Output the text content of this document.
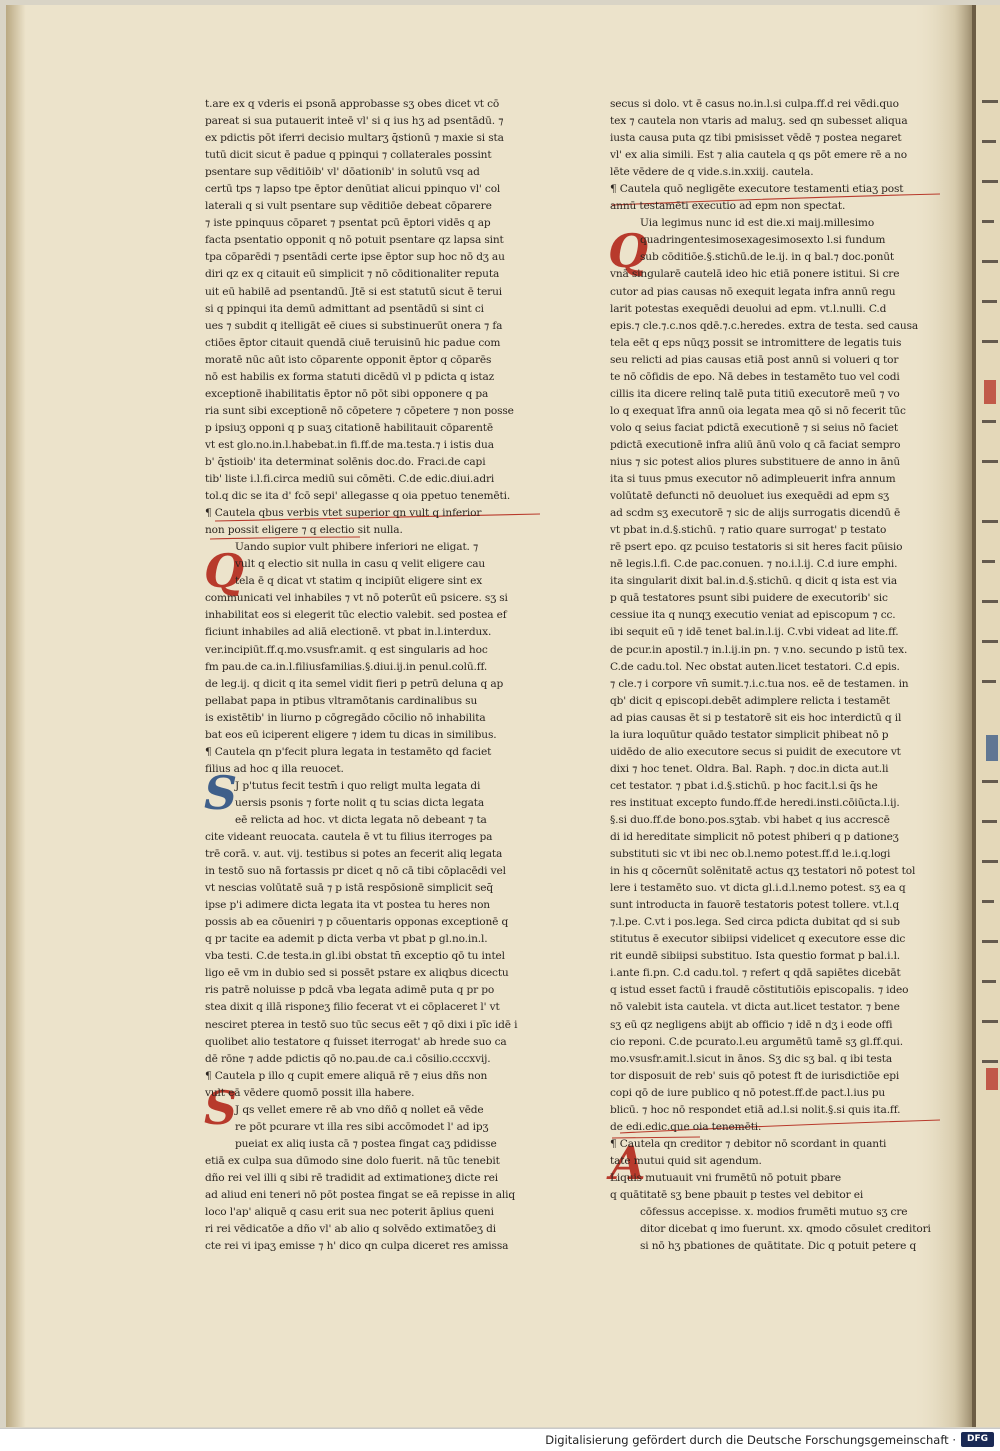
Q
Q
S
S
A
t.are ex q vderis ei psonā approbasse sʒ obes dicet vt cō
pareat si sua putauerit inteē vl' si q ius hʒ ad psentādū. ⁊
ex pdictis pōt iferri decisio multarʒ q̄stionū ⁊ maxie si sta
tutū dicit sicut ē padue q ppinqui ⁊ collaterales possint
psentare sup vēditiōib' vl' dōationib' in solutū vsq ad
certū tps ⁊ lapso tpe ēptor denūtiat alicui ppinquo vl' col
laterali q si vult psentare sup vēditiōe debeat cōparere
⁊ iste ppinquus cōparet ⁊ psentat pcū ēptori vidēs q ap
facta psentatio opponit q nō potuit psentare qz lapsa sint
tpa cōparēdi ⁊ psentādi certe ipse ēptor sup hoc nō dʒ au
diri qz ex q citauit eū simplicit ⁊ nō cōditionaliter reputa
uit eū habilē ad psentandū. Jtē si est statutū sicut ē terui
si q ppinqui ita demū admittant ad psentādū si sint ci
ues ⁊ subdit q itelligāt eē ciues si substinuerūt onera ⁊ fa
ctiōes ēptor citauit quendā ciuē teruisinū hic padue com
moratē nūc aūt isto cōparente opponit ēptor q cōparēs
nō est habilis ex forma statuti dicēdū vl p pdicta q istaz
exceptionē ihabilitatis ēptor nō pōt sibi opponere q pa
ria sunt sibi exceptionē nō cōpetere ⁊ cōpetere ⁊ non posse
p ipsiuʒ opponi q p suaʒ citationē habilitauit cōparentē
vt est glo.no.in.l.habebat.in fi.ff.de ma.testa.⁊ i istis dua
b' q̄stioib' ita determinat solēnis doc.do. Fraci.de capi
tib' liste i.l.fi.circa mediū sui cōmēti. C.de edic.diui.adri
tol.q dic se ita d' fcō sepi' allegasse q oia ppetuo tenemēti.
¶ Cautela qbus verbis vtet superior qn vult q inferior
non possit eligere ⁊ q electio sit nulla.
Uando supior vult phibere inferiori ne eligat. ⁊
vult q electio sit nulla in casu q velit eligere cau
tela ē q dicat vt statim q incipiūt eligere sint ex
communicati vel inhabiles ⁊ vt nō poterūt eū psicere. sʒ si
inhabilitat eos si elegerit tūc electio valebit. sed postea ef
ficiunt inhabiles ad aliā electionē. vt pbat in.l.interdux.
ver.incipiūt.ff.q.mo.vsusfr.amit. q est singularis ad hoc
fm pau.de ca.in.l.filiusfamilias.§.diui.ij.in penul.colū.ff.
de leg.ij. q dicit q ita semel vidit fieri p petrū deluna q ap
pellabat papa in ptibus vltramōtanis cardinalibus su
is existētib' in liurno p cōgregādo cōcilio nō inhabilita
bat eos eū iciperent eligere ⁊ idem tu dicas in similibus.
¶ Cautela qn p'fecit plura legata in testamēto qd faciet
filius ad hoc q illa reuocet.
J p'tutus fecit testm̄ i quo religt multa legata di
uersis psonis ⁊ forte nolit q tu scias dicta legata
eē relicta ad hoc. vt dicta legata nō debeant ⁊ ta
cite videant reuocata. cautela ē vt tu filius iterroges pa
trē corā. v. aut. vij. testibus si potes an fecerit aliq legata
in testō suo nā fortassis pr dicet q nō cā tibi cōplacēdi vel
vt nescias volūtatē suā ⁊ p istā respōsionē simplicit seq̄
ipse p'i adimere dicta legata ita vt postea tu heres non
possis ab ea cōueniri ⁊ p cōuentaris opponas exceptionē q
q pr tacite ea ademit p dicta verba vt pbat p gl.no.in.l.
vba testi. C.de testa.in gl.ibi obstat tn̄ exceptio qō tu intel
ligo eē vm in dubio sed si possēt pstare ex aliqbus dicectu
ris patrē noluisse p pdcā vba legata adimē puta q pr po
stea dixit q illā risponeʒ filio fecerat vt ei cōplaceret l' vt
nesciret pterea in testō suo tūc secus eēt ⁊ qō dixi i pīc idē i
quolibet alio testatore q fuisset iterrogat' ab hrede suo ca
dē rōne ⁊ adde pdictis qō no.pau.de ca.i cōsilio.cccxvij.
¶ Cautela p illo q cupit emere aliquā rē ⁊ eius dñs non
vult eā vēdere quomō possit illa habere.
J qs vellet emere rē ab vno dñō q nollet eā vēde
re pōt pcurare vt illa res sibi accōmodet l' ad ipʒ
pueiat ex aliq iusta cā ⁊ postea fingat caʒ pdidisse
etiā ex culpa sua dūmodo sine dolo fuerit. nā tūc tenebit
dño rei vel illi q sibi rē tradidit ad extimationeʒ dicte rei
ad aliud eni teneri nō pōt postea fingat se eā repisse in aliq
loco l'ap' aliquē q casu erit sua nec poterit āplius queni
ri rei vēdicatōe a dño vl' ab alio q solvēdo extimatōeʒ di
cte rei vi ipaʒ emisse ⁊ h' dico qn culpa diceret res amissa
secus si dolo. vt ē casus no.in.l.si culpa.ff.d rei vēdi.quo
tex ⁊ cautela non vtaris ad maluʒ. sed qn subesset aliqua
iusta causa puta qz tibi pmisisset vēdē ⁊ postea negaret
vl' ex alia simili. Est ⁊ alia cautela q qs pōt emere rē a no
lēte vēdere de q vide.s.in.xxiij. cautela.
¶ Cautela quō negligēte executore testamenti etiaʒ post
annū testamēti executio ad epm non spectat.
Uia legimus nunc id est die.xi maij.millesimo
quadringentesimosexagesimosexto l.si fundum
sub cōditiōe.§.stichū.de le.ij. in q bal.⁊ doc.ponūt
vnā singularē cautelā ideo hic etiā ponere istitui. Si cre
cutor ad pias causas nō exequit legata infra annū regu
larit potestas exequēdi deuolui ad epm. vt.l.nulli. C.d
epis.⁊ cle.⁊.c.nos qdē.⁊.c.heredes. extra de testa. sed causa
tela eēt q eps nūqʒ possit se intromittere de legatis tuis
seu relicti ad pias causas etiā post annū si volueri q tor
te nō cōfidis de epo. Nā debes in testamēto tuo vel codi
cillis ita dicere relinq talē puta titiū executorē meū ⁊ vo
lo q exequat īfra annū oia legata mea qō si nō fecerit tūc
volo q seius faciat pdictā executionē ⁊ si seius nō faciet
pdictā executionē infra aliū ānū volo q cā faciat sempro
nius ⁊ sic potest alios plures substituere de anno in ānū
ita si tuus pmus executor nō adimpleuerit infra annum
volūtatē defuncti nō deuoluet ius exequēdi ad epm sʒ
ad scdm sʒ executorē ⁊ sic de alijs surrogatis dicendū ē
vt pbat in.d.§.stichū. ⁊ ratio quare surrogat' p testato
rē psert epo. qz pcuiso testatoris si sit heres facit pūisio
nē legis.l.fi. C.de pac.conuen. ⁊ no.i.l.ij. C.d iure emphi.
ita singularit dixit bal.in.d.§.stichū. q dicit q ista est via
p quā testatores psunt sibi puidere de executorib' sic
cessiue ita q nunqʒ executio veniat ad episcopum ⁊ cc.
ibi sequit eū ⁊ idē tenet bal.in.l.ij. C.vbi videat ad lite.ff.
de pcur.in apostil.⁊ in.l.ij.in pn. ⁊ v.no. secundo p istū tex.
C.de cadu.tol. Nec obstat auten.licet testatori. C.d epis.
⁊ cle.⁊ i corpore vn̄ sumit.⁊.i.c.tua nos. eē de testamen. in
qb' dicit q episcopi.debēt adimplere relicta i testamēt
ad pias causas ēt si p testatorē sit eis hoc interdictū q il
la iura loquūtur quādo testator simplicit phibeat nō p
uidēdo de alio executore secus si puidit de executore vt
dixi ⁊ hoc tenet. Oldra. Bal. Raph. ⁊ doc.in dicta aut.li
cet testator. ⁊ pbat i.d.§.stichū. p hoc facit.l.si q̄s he
res instituat excepto fundo.ff.de heredi.insti.cōiūcta.l.ij.
§.si duo.ff.de bono.pos.sʒtab. vbi habet q ius accrescē
di id hereditate simplicit nō potest phiberi q p dationeʒ
substituti sic vt ibi nec ob.l.nemo potest.ff.d le.i.q.logi
in his q cōcernūt solēnitatē actus qʒ testatori nō potest tol
lere i testamēto suo. vt dicta gl.i.d.l.nemo potest. sʒ ea q
sunt introducta in fauorē testatoris potest tollere. vt.l.q
⁊.l.pe. C.vt i pos.lega. Sed circa pdicta dubitat qd si sub
stitutus ē executor sibiipsi videlicet q executore esse dic
rit eundē sibiipsi substituo. Ista questio format p bal.i.l.
i.ante fi.pn. C.d cadu.tol. ⁊ refert q qdā sapiētes dicebāt
q istud esset factū i fraudē cōstitutiōis episcopalis. ⁊ ideo
nō valebit ista cautela. vt dicta aut.licet testator. ⁊ bene
sʒ eū qz negligens abijt ab officio ⁊ idē n dʒ i eode offi
cio reponi. C.de pcurato.l.eu argumētū tamē sʒ gl.ff.qui.
mo.vsusfr.amit.l.sicut in ānos. Sʒ dic sʒ bal. q ibi testa
tor disposuit de reb' suis qō potest ft de iurisdictiōe epi
copi qō de iure publico q nō potest.ff.de pact.l.ius pu
blicū. ⁊ hoc nō respondet etiā ad.l.si nolit.§.si quis ita.ff.
de edi.edic.que oia tenemēti.
¶ Cautela qn creditor ⁊ debitor nō scordant in quanti
tate mutui quid sit agendum.
Liquis mutuauit vni frumētū nō potuit pbare
q quātitatē sʒ bene pbauit p testes vel debitor ei
cōfessus accepisse. x. modios frumēti mutuo sʒ cre
ditor dicebat q imo fuerunt. xx. qmodo cōsulet creditori
si nō hʒ pbationes de quātitate. Dic q potuit petere q
Digitalisierung gefördert durch die Deutsche Forschungsgemeinschaft ·	DFG
